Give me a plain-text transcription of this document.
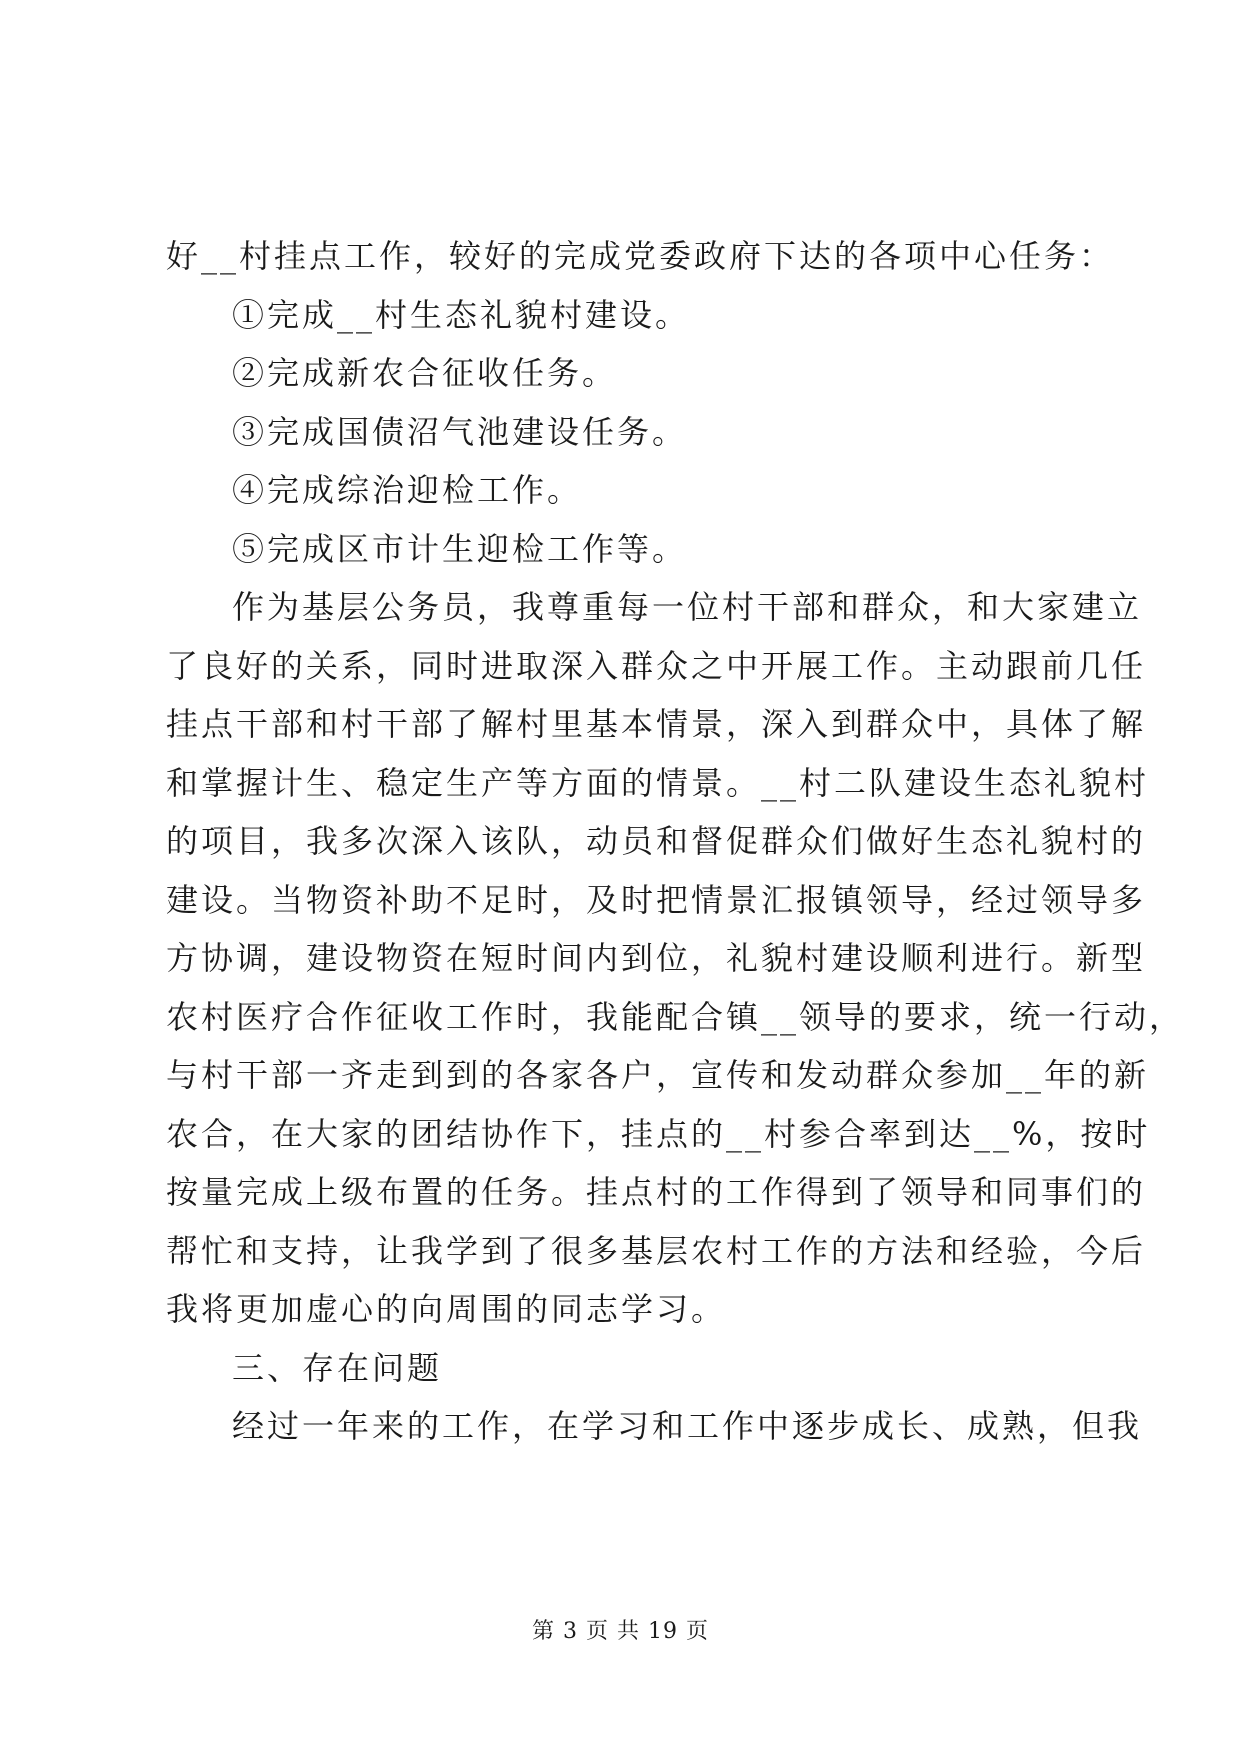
好__村挂点工作，较好的完成党委政府下达的各项中心任务：
①完成__村生态礼貌村建设。
②完成新农合征收任务。
③完成国债沼气池建设任务。
④完成综治迎检工作。
⑤完成区市计生迎检工作等。
作为基层公务员，我尊重每一位村干部和群众，和大家建立
了良好的关系，同时进取深入群众之中开展工作。主动跟前几任
挂点干部和村干部了解村里基本情景，深入到群众中，具体了解
和掌握计生、稳定生产等方面的情景。__村二队建设生态礼貌村
的项目，我多次深入该队，动员和督促群众们做好生态礼貌村的
建设。当物资补助不足时，及时把情景汇报镇领导，经过领导多
方协调，建设物资在短时间内到位，礼貌村建设顺利进行。新型
农村医疗合作征收工作时，我能配合镇__领导的要求，统一行动，
与村干部一齐走到到的各家各户，宣传和发动群众参加__年的新
农合，在大家的团结协作下，挂点的__村参合率到达__%，按时
按量完成上级布置的任务。挂点村的工作得到了领导和同事们的
帮忙和支持，让我学到了很多基层农村工作的方法和经验，今后
我将更加虚心的向周围的同志学习。
三、存在问题
经过一年来的工作，在学习和工作中逐步成长、成熟，但我
第 3 页 共 19 页
